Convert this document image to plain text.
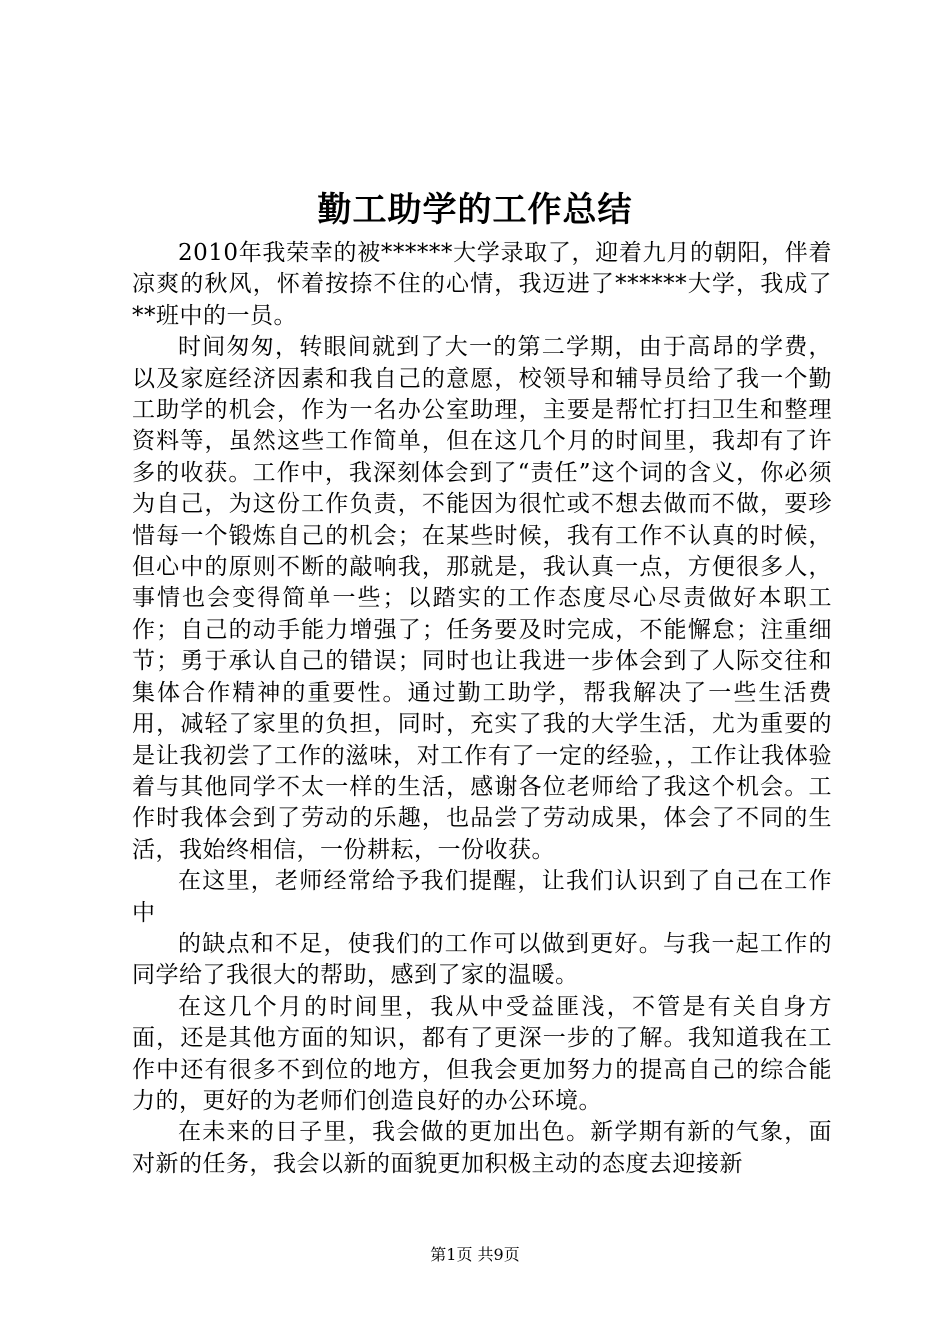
勤工助学的工作总结

2010年我荣幸的被******大学录取了，迎着九月的朝阳，伴着凉爽的秋风，怀着按捺不住的心情，我迈进了******大学，我成了**班中的一员。

时间匆匆，转眼间就到了大一的第二学期，由于高昂的学费，以及家庭经济因素和我自己的意愿，校领导和辅导员给了我一个勤工助学的机会，作为一名办公室助理，主要是帮忙打扫卫生和整理资料等，虽然这些工作简单，但在这几个月的时间里，我却有了许多的收获。工作中，我深刻体会到了“责任”这个词的含义，你必须为自己，为这份工作负责，不能因为很忙或不想去做而不做，要珍惜每一个锻炼自己的机会；在某些时候，我有工作不认真的时候，但心中的原则不断的敲响我，那就是，我认真一点，方便很多人，事情也会变得简单一些；以踏实的工作态度尽心尽责做好本职工作；自己的动手能力增强了；任务要及时完成，不能懈怠；注重细节；勇于承认自己的错误；同时也让我进一步体会到了人际交往和集体合作精神的重要性。通过勤工助学，帮我解决了一些生活费用，减轻了家里的负担，同时，充实了我的大学生活，尤为重要的是让我初尝了工作的滋味，对工作有了一定的经验，，工作让我体验着与其他同学不太一样的生活，感谢各位老师给了我这个机会。工作时我体会到了劳动的乐趣，也品尝了劳动成果，体会了不同的生活，我始终相信，一份耕耘，一份收获。

在这里，老师经常给予我们提醒，让我们认识到了自己在工作中

的缺点和不足，使我们的工作可以做到更好。与我一起工作的同学给了我很大的帮助，感到了家的温暖。

在这几个月的时间里，我从中受益匪浅，不管是有关自身方面，还是其他方面的知识，都有了更深一步的了解。我知道我在工作中还有很多不到位的地方，但我会更加努力的提高自己的综合能力的，更好的为老师们创造良好的办公环境。

在未来的日子里，我会做的更加出色。新学期有新的气象，面对新的任务，我会以新的面貌更加积极主动的态度去迎接新

第1页 共9页
